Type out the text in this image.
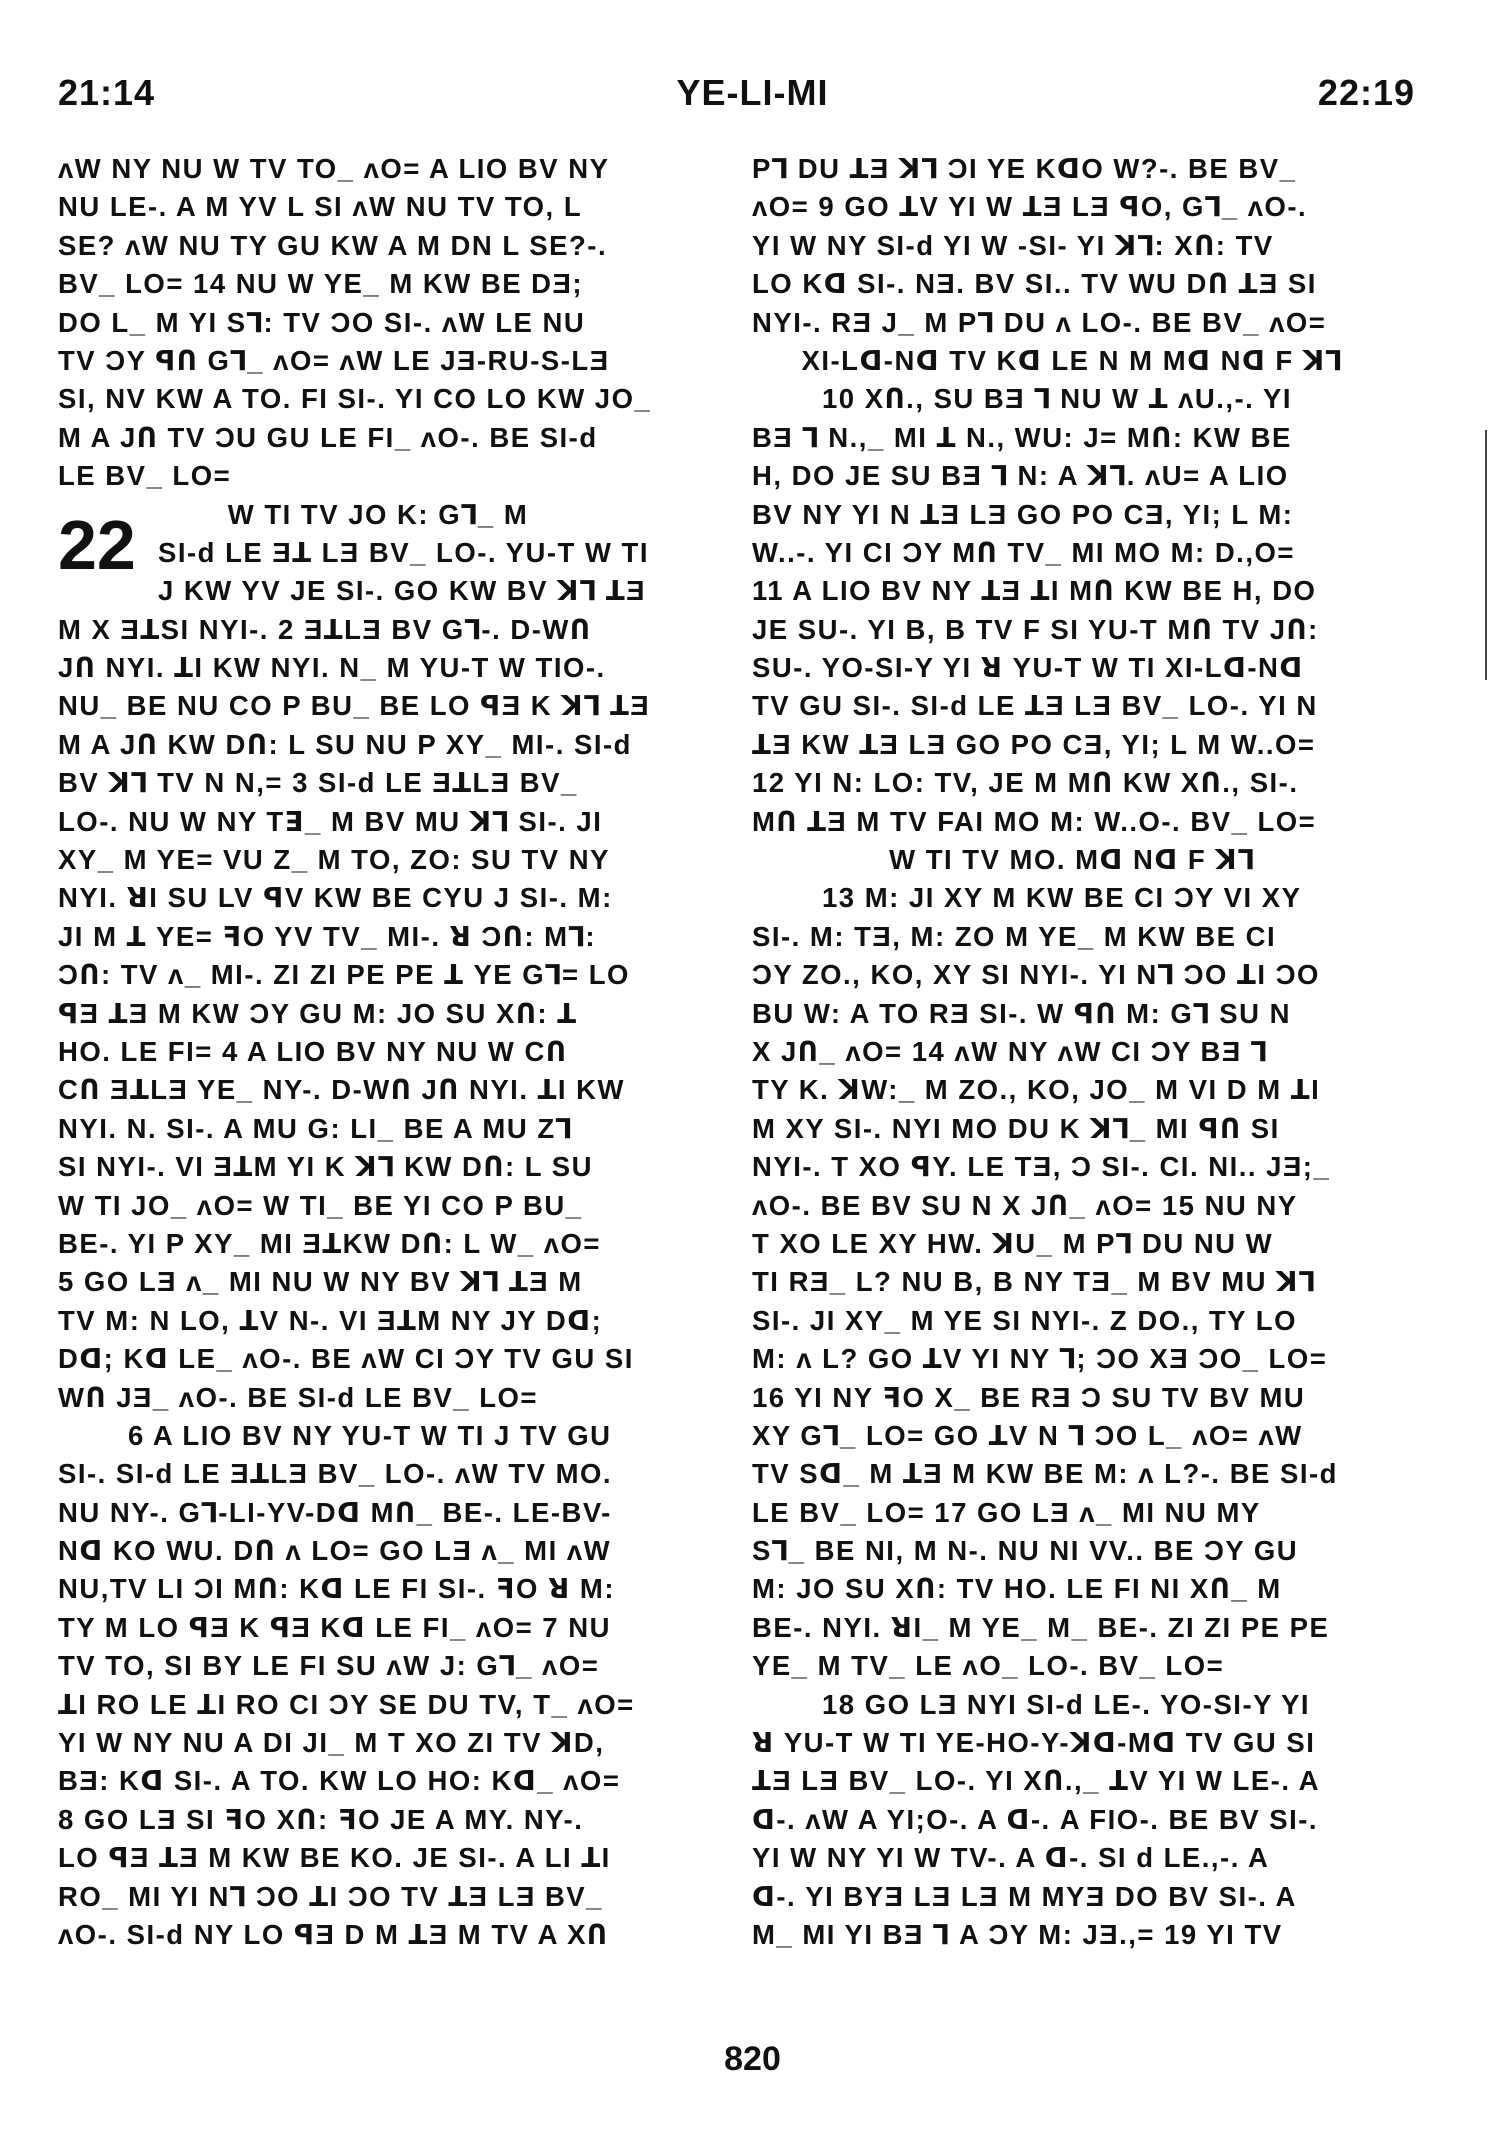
21:14	YE-LI-MI	22:19
ʌW NY NU W TV TO_ ʌO= A LIO BV NY
NU LE-. A M YV L SI ʌW NU TV TO, L
SE? ʌW NU TY GU KW A M DN L SE?-.
BV_ LO= 14 NU W YE_ M KW BE DƎ;
DO L_ M YI Sꓶ: TV ƆO SI-. ʌW LE NU
TV ƆY ꟼՈ Gꓶ_ ʌO= ʌW LE JƎ-RU-S-LƎ
SI, NV KW A TO. FI SI-. YI CO LO KW JO_
M A JՈ TV ƆU GU LE FI_ ʌO-. BE SI-d
LE BV_ LO=
W TI TV JO K: Gꓶ_ M
SI-d LE Ǝꓕ LƎ BV_ LO-. YU-T W TI
J KW YV JE SI-. GO KW BV ꓘꓶ ꓕƎ
M X ƎꓕSI NYI-. 2 ƎꓕLƎ BV Gꓶ-. D-WՈ
JՈ NYI. ꓕI KW NYI. N_ M YU-T W TIO-.
NU_ BE NU CO P BU_ BE LO ꟼƎ K ꓘꓶ ꓕƎ
M A JՈ KW DՈ: L SU NU P XY_ MI-. SI-d
BV ꓘꓶ TV N N,= 3 SI-d LE ƎꓕLƎ BV_
LO-. NU W NY Tꓱ_ M BV MU ꓘꓶ SI-. JI
XY_ M YE= VU Z_ M TO, ZO: SU TV NY
NYI. ꓤI SU LV ꟼV KW BE CYU J SI-. M:
JI M ꓕ YE= ꟻO YV TV_ MI-. ꓤ ƆՈ: Mꓶ:
ƆՈ: TV ʌ_ MI-. ZI ZI PE PE ꓕ YE Gꓶ= LO
ꟼƎ ꓕƎ M KW ƆY GU M: JO SU XՈ: ꓕ
HO. LE FI= 4 A LIO BV NY NU W CՈ
CՈ ƎꓕLƎ YE_ NY-. D-WՈ JՈ NYI. ꓕI KW
NYI. N. SI-. A MU G: LI_ BE A MU Zꓶ
SI NYI-. VI ƎꓕM YI K ꓘꓶ KW DՈ: L SU
W TI JO_ ʌO= W TI_ BE YI CO P BU_
BE-. YI P XY_ MI ƎꓕKW DՈ: L W_ ʌO=
5 GO LƎ ʌ_ MI NU W NY BV ꓘꓶ ꓕƎ M
TV M: N LO, ꓕV N-. VI ƎꓕM NY JY Dꓷ;
Dꓷ; Kꓷ LE_ ʌO-. BE ʌW CI ƆY TV GU SI
WՈ JƎ_ ʌO-. BE SI-d LE BV_ LO=
6 A LIO BV NY YU-T W TI J TV GU
SI-. SI-d LE ƎꓕLƎ BV_ LO-. ʌW TV MO.
NU NY-. Gꓶ-LI-YV-Dꓷ MՈ_ BE-. LE-BV-
Nꓷ KO WU. DՈ ʌ LO= GO LƎ ʌ_ MI ʌW
NU,TV LI ƆI MՈ: Kꓷ LE FI SI-. ꟻO ꓤ M:
TY M LO ꟼƎ K ꟼƎ Kꓷ LE FI_ ʌO= 7 NU
TV TO, SI BY LE FI SU ʌW J: Gꓶ_ ʌO=
ꓕI RO LE ꓕI RO CI ƆY SE DU TV, T_ ʌO=
YI W NY NU A DI JI_ M T XO ZI TV ꓘD,
BƎ: Kꓷ SI-. A TO. KW LO HO: Kꓷ_ ʌO=
8 GO LƎ SI ꟻO XՈ: ꟻO JE A MY. NY-.
LO ꟼƎ ꓕƎ M KW BE KO. JE SI-. A LI ꓕI
RO_ MI YI Nꓶ ƆO ꓕI ƆO TV ꓕƎ LƎ BV_
ʌO-. SI-d NY LO ꟼƎ D M ꓕƎ M TV A XՈ
22
Pꓶ DU ꓕƎ ꓘꓶ ƆI YE KꓷO W?-. BE BV_
ʌO= 9 GO ꓕV YI W ꓕƎ LƎ ꟼO, Gꓶ_ ʌO-.
YI W NY SI-d YI W -SI- YI ꓘꓶ: XՈ: TV
LO Kꓷ SI-. NƎ. BV SI.. TV WU DՈ ꓕƎ SI
NYI-. RƎ J_ M Pꓶ DU ʌ LO-. BE BV_ ʌO=
XI-Lꓷ-Nꓷ TV Kꓷ LE N M Mꓷ Nꓷ F ꓘꓶ
10 XՈ., SU BƎ ꓶ NU W ꓕ ʌU.,-. YI
BƎ ꓶ N.,_ MI ꓕ N., WU: J= MՈ: KW BE
H, DO JE SU BƎ ꓶ N: A ꓘꓶ. ʌU= A LIO
BV NY YI N ꓕƎ LƎ GO PO CƎ, YI; L M:
W..-. YI CI ƆY MՈ TV_ MI MO M: D.,O=
11 A LIO BV NY ꓕƎ ꓕI MՈ KW BE H, DO
JE SU-. YI B, B TV F SI YU-T MՈ TV JՈ:
SU-. YO-SI-Y YI ꓤ YU-T W TI XI-Lꓷ-Nꓷ
TV GU SI-. SI-d LE ꓕƎ LƎ BV_ LO-. YI N
ꓕƎ KW ꓕƎ LƎ GO PO CƎ, YI; L M W..O=
12 YI N: LO: TV, JE M MՈ KW XՈ., SI-.
MՈ ꓕƎ M TV FAI MO M: W..O-. BV_ LO=
W TI TV MO. Mꓷ Nꓷ F ꓘꓶ
13 M: JI XY M KW BE CI ƆY VI XY
SI-. M: TƎ, M: ZO M YE_ M KW BE CI
ƆY ZO., KO, XY SI NYI-. YI Nꓶ ƆO ꓕI ƆO
BU W: A TO RƎ SI-. W ꟼՈ M: Gꓶ SU N
X JՈ_ ʌO= 14 ʌW NY ʌW CI ƆY BƎ ꓶ
TY K. ꓘW:_ M ZO., KO, JO_ M VI D M ꓕI
M XY SI-. NYI MO DU K ꓘꓶ_ MI ꟼՈ SI
NYI-. T XO ꟼY. LE TƎ, Ɔ SI-. CI. NI.. JƎ;_
ʌO-. BE BV SU N X JՈ_ ʌO= 15 NU NY
T XO LE XY HW. ꓘU_ M Pꓶ DU NU W
TI RƎ_ L? NU B, B NY TƎ_ M BV MU ꓘꓶ
SI-. JI XY_ M YE SI NYI-. Z DO., TY LO
M: ʌ L? GO ꓕV YI NY ꓶ; ƆO XƎ ƆO_ LO=
16 YI NY ꟻO X_ BE RƎ Ɔ SU TV BV MU
XY Gꓶ_ LO= GO ꓕV N ꓶ ƆO L_ ʌO= ʌW
TV Sꓷ_ M ꓕƎ M KW BE M: ʌ L?-. BE SI-d
LE BV_ LO= 17 GO LƎ ʌ_ MI NU MY
Sꓶ_ BE NI, M N-. NU NI VV.. BE ƆY GU
M: JO SU XՈ: TV HO. LE FI NI XՈ_ M
BE-. NYI. ꓤI_ M YE_ M_ BE-. ZI ZI PE PE
YE_ M TV_ LE ʌO_ LO-. BV_ LO=
18 GO LƎ NYI SI-d LE-. YO-SI-Y YI
ꓤ YU-T W TI YE-HO-Y-ꓘꓷ-Mꓷ TV GU SI
ꓕƎ LƎ BV_ LO-. YI XՈ.,_ ꓕV YI W LE-. A
ꓷ-. ʌW A YI;O-. A ꓷ-. A FIO-. BE BV SI-.
YI W NY YI W TV-. A ꓷ-. SI d LE.,-. A
ꓷ-. YI BYƎ LƎ LƎ M MYƎ DO BV SI-. A
M_ MI YI BƎ ꓶ A ƆY M: JƎ.,= 19 YI TV
820
